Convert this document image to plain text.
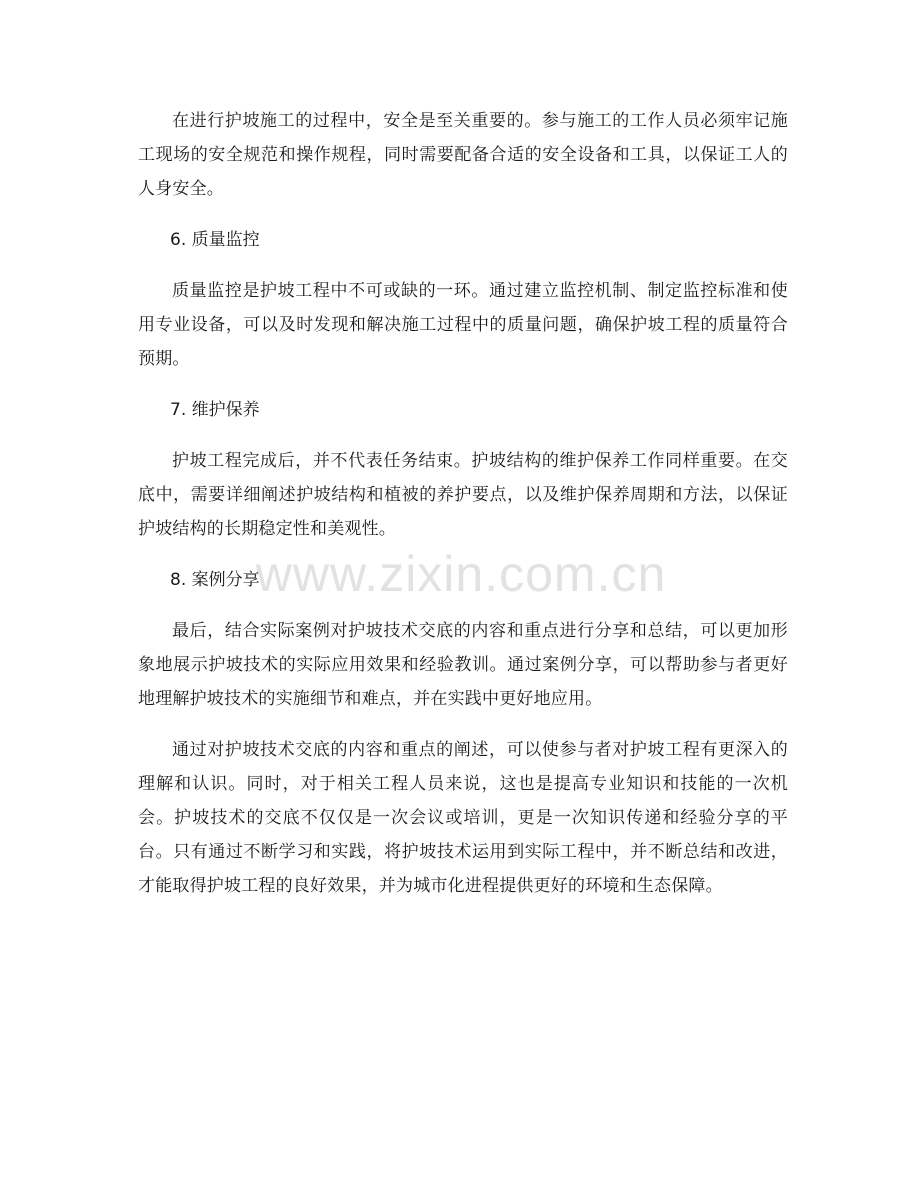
在进行护坡施工的过程中，安全是至关重要的。参与施工的工作人员必须牢记施工现场的安全规范和操作规程，同时需要配备合适的安全设备和工具，以保证工人的人身安全。

6. 质量监控

质量监控是护坡工程中不可或缺的一环。通过建立监控机制、制定监控标准和使用专业设备，可以及时发现和解决施工过程中的质量问题，确保护坡工程的质量符合预期。

7. 维护保养

护坡工程完成后，并不代表任务结束。护坡结构的维护保养工作同样重要。在交底中，需要详细阐述护坡结构和植被的养护要点，以及维护保养周期和方法，以保证护坡结构的长期稳定性和美观性。

8. 案例分享

最后，结合实际案例对护坡技术交底的内容和重点进行分享和总结，可以更加形象地展示护坡技术的实际应用效果和经验教训。通过案例分享，可以帮助参与者更好地理解护坡技术的实施细节和难点，并在实践中更好地应用。

通过对护坡技术交底的内容和重点的阐述，可以使参与者对护坡工程有更深入的理解和认识。同时，对于相关工程人员来说，这也是提高专业知识和技能的一次机会。护坡技术的交底不仅仅是一次会议或培训，更是一次知识传递和经验分享的平台。只有通过不断学习和实践，将护坡技术运用到实际工程中，并不断总结和改进，才能取得护坡工程的良好效果，并为城市化进程提供更好的环境和生态保障。

www.zixin.com.cn
